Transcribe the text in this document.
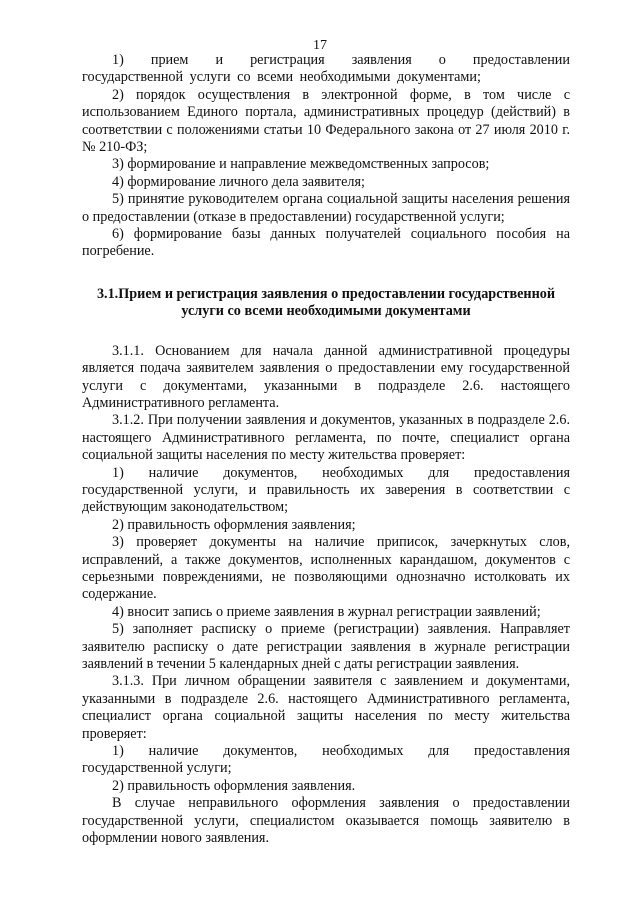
17

1)    прием    и    регистрация    заявления    о    предоставлении государственной услуги со всеми необходимыми документами;

2) порядок осуществления в электронной форме, в том числе с использованием Единого портала, административных процедур (действий) в соответствии с положениями статьи 10 Федерального закона от 27 июля 2010 г. № 210-ФЗ;

3) формирование и направление межведомственных запросов;

4) формирование личного дела заявителя;

5) принятие руководителем органа социальной защиты населения решения о предоставлении (отказе в предоставлении) государственной услуги;

6) формирование базы данных получателей социального пособия на погребение.

3.1.Прием и регистрация заявления о предоставлении государственной услуги со всеми необходимыми документами

3.1.1. Основанием для начала данной административной процедуры является подача заявителем заявления о предоставлении ему государственной услуги с документами, указанными в подразделе 2.6. настоящего Административного регламента.

3.1.2. При получении заявления и документов, указанных в подразделе 2.6. настоящего Административного регламента, по почте, специалист органа социальной защиты населения по месту жительства проверяет:

1)    наличие    документов,    необходимых    для    предоставления государственной услуги, и правильность их заверения в соответствии с действующим законодательством;

2) правильность оформления заявления;

3) проверяет документы на наличие приписок, зачеркнутых слов, исправлений, а также документов, исполненных карандашом, документов с серьезными повреждениями, не позволяющими однозначно истолковать их содержание.

4) вносит запись о приеме заявления в журнал регистрации заявлений;

5) заполняет расписку о приеме (регистрации) заявления. Направляет заявителю расписку о дате регистрации заявления в журнале регистрации заявлений в течении 5 календарных дней с даты регистрации заявления.

3.1.3. При личном обращении заявителя с заявлением и документами, указанными в подразделе 2.6. настоящего Административного регламента, специалист органа социальной защиты населения по месту жительства проверяет:

1)    наличие    документов,    необходимых    для    предоставления государственной услуги;

2) правильность оформления заявления.

В случае неправильного оформления заявления о предоставлении государственной услуги, специалистом оказывается помощь заявителю в оформлении нового заявления.
